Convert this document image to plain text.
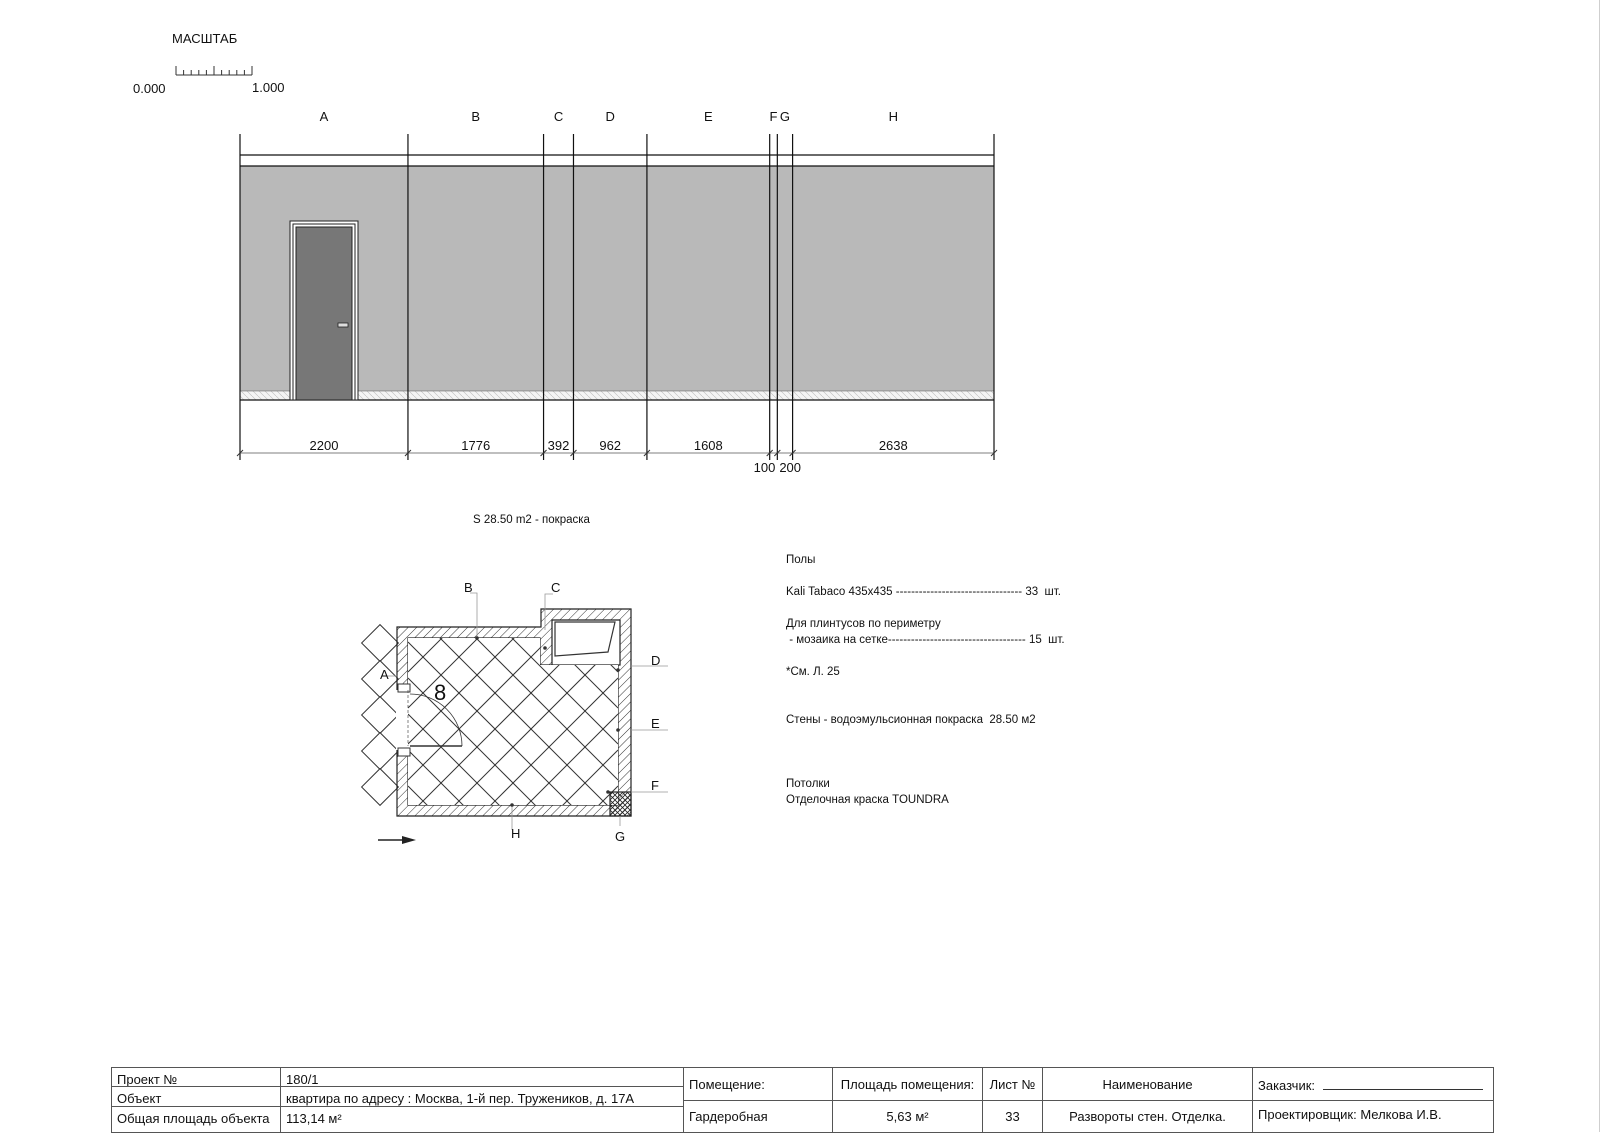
МАСШТАБ
0.000	1.000
A
2200
B
1776
C
392
D
962
E
1608
F
100
G
200
H
2638
S 28.50 m2 - покраска
8
A
B	C
D
E
F
G
H
Полы

Kali Tabaco 435x435 --------------------------------- 33  шт.

Для плинтусов по периметру
- мозаика на сетке------------------------------------ 15  шт.

*См. Л. 25

Стены - водоэмульсионная покраска  28.50 м2

Потолки
Отделочная краска TOUNDRA
Проект №	180/1
Объект	квартира по адресу : Москва, 1-й пер. Тружеников, д. 17А
Общая площадь объекта	113,14 м²
Помещение:
Гардеробная
Площадь помещения:
5,63 м²
Лист №
33
Наименование
Развороты стен. Отделка.
Заказчик:
Проектировщик: Мелкова И.В.
